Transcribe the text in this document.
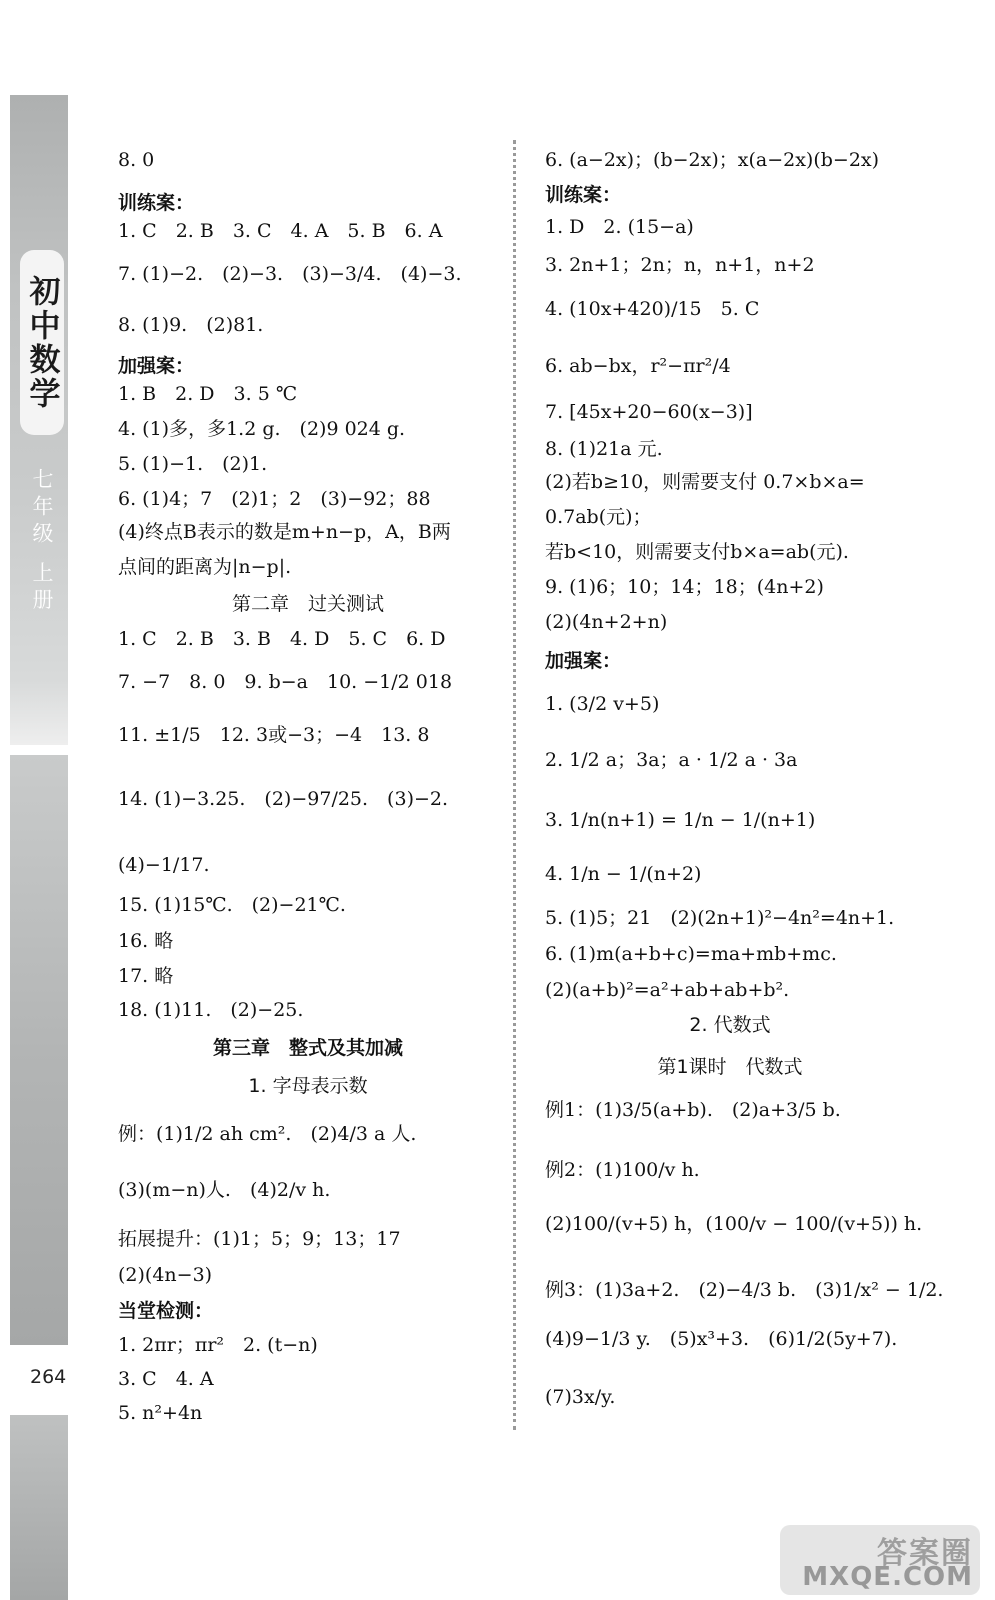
初中数学
七年级 上册
264
8. 0
训练案：
1. C　2. B　3. C　4. A　5. B　6. A
7. (1)−2.　(2)−3.　(3)−3/4.　(4)−3.
8. (1)9.　(2)81.
加强案：
1. B　2. D　3. 5 ℃
4. (1)多，多1.2 g.　(2)9 024 g.
5. (1)−1.　(2)1.
6. (1)4；7　(2)1；2　(3)−92；88
(4)终点B表示的数是m+n−p，A，B两
点间的距离为|n−p|.
第二章　过关测试
1. C　2. B　3. B　4. D　5. C　6. D
7. −7　8. 0　9. b−a　10. −1/2 018
11. ±1/5　12. 3或−3；−4　13. 8
14. (1)−3.25.　(2)−97/25.　(3)−2.
(4)−1/17.
15. (1)15℃.　(2)−21℃.
16. 略
17. 略
18. (1)11.　(2)−25.
第三章　整式及其加减
1. 字母表示数
例：(1)1/2 ah cm².　(2)4/3 a 人.
(3)(m−n)人.　(4)2/v h.
拓展提升：(1)1；5；9；13；17
(2)(4n−3)
当堂检测：
1. 2πr；πr²　2. (t−n)
3. C　4. A
5. n²+4n
6. (a−2x)；(b−2x)；x(a−2x)(b−2x)
训练案：
1. D　2. (15−a)
3. 2n+1；2n；n，n+1，n+2
4. (10x+420)/15　5. C
6. ab−bx，r²−πr²/4
7. [45x+20−60(x−3)]
8. (1)21a 元.
(2)若b≥10，则需要支付 0.7×b×a=
0.7ab(元)；
若b<10，则需要支付b×a=ab(元).
9. (1)6；10；14；18；(4n+2)
(2)(4n+2+n)
加强案：
1. (3/2 v+5)
2. 1/2 a；3a；a · 1/2 a · 3a
3. 1/n(n+1) = 1/n − 1/(n+1)
4. 1/n − 1/(n+2)
5. (1)5；21　(2)(2n+1)²−4n²=4n+1.
6. (1)m(a+b+c)=ma+mb+mc.
(2)(a+b)²=a²+ab+ab+b².
2. 代数式
第1课时　代数式
例1：(1)3/5(a+b).　(2)a+3/5 b.
例2：(1)100/v h.
(2)100/(v+5) h，(100/v − 100/(v+5)) h.
例3：(1)3a+2.　(2)−4/3 b.　(3)1/x² − 1/2.
(4)9−1/3 y.　(5)x³+3.　(6)1/2(5y+7).
(7)3x/y.
答案圈
MXQE.COM
